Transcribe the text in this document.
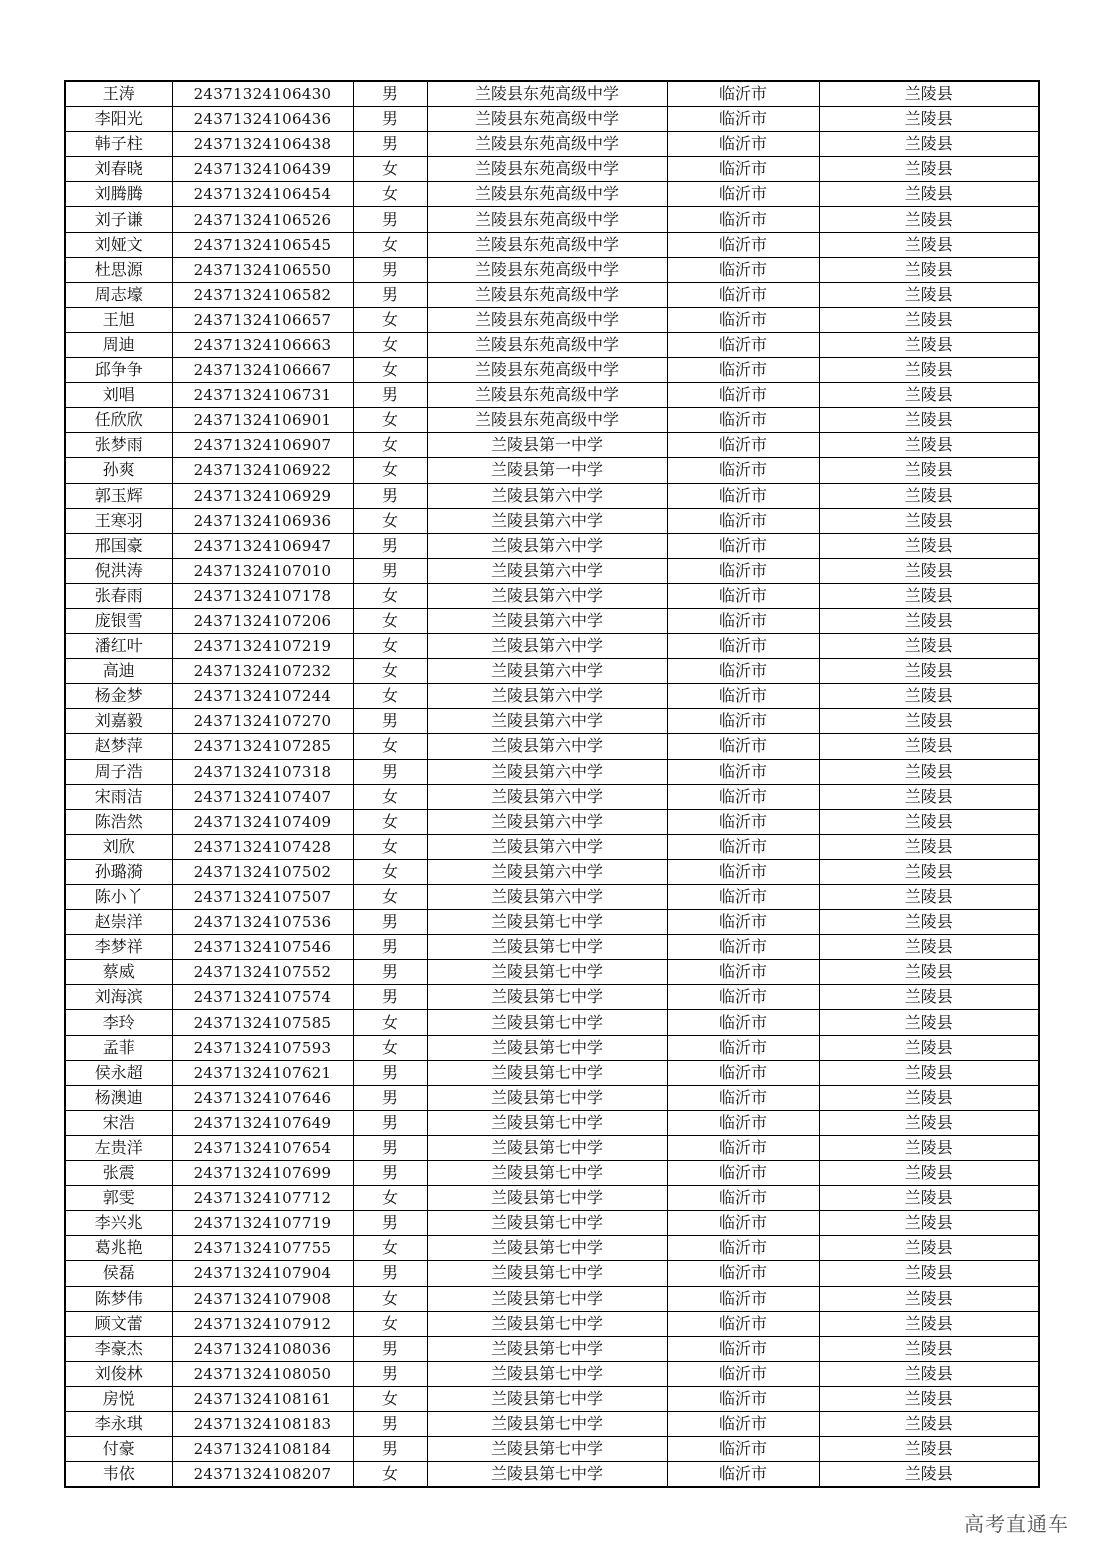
王涛	24371324106430	男	兰陵县东苑高级中学	临沂市	兰陵县
李阳光	24371324106436	男	兰陵县东苑高级中学	临沂市	兰陵县
韩子柱	24371324106438	男	兰陵县东苑高级中学	临沂市	兰陵县
刘春晓	24371324106439	女	兰陵县东苑高级中学	临沂市	兰陵县
刘腾腾	24371324106454	女	兰陵县东苑高级中学	临沂市	兰陵县
刘子谦	24371324106526	男	兰陵县东苑高级中学	临沂市	兰陵县
刘娅文	24371324106545	女	兰陵县东苑高级中学	临沂市	兰陵县
杜思源	24371324106550	男	兰陵县东苑高级中学	临沂市	兰陵县
周志壕	24371324106582	男	兰陵县东苑高级中学	临沂市	兰陵县
王旭	24371324106657	女	兰陵县东苑高级中学	临沂市	兰陵县
周迪	24371324106663	女	兰陵县东苑高级中学	临沂市	兰陵县
邱争争	24371324106667	女	兰陵县东苑高级中学	临沂市	兰陵县
刘唱	24371324106731	男	兰陵县东苑高级中学	临沂市	兰陵县
任欣欣	24371324106901	女	兰陵县东苑高级中学	临沂市	兰陵县
张梦雨	24371324106907	女	兰陵县第一中学	临沂市	兰陵县
孙爽	24371324106922	女	兰陵县第一中学	临沂市	兰陵县
郭玉辉	24371324106929	男	兰陵县第六中学	临沂市	兰陵县
王寒羽	24371324106936	女	兰陵县第六中学	临沂市	兰陵县
邢国豪	24371324106947	男	兰陵县第六中学	临沂市	兰陵县
倪洪涛	24371324107010	男	兰陵县第六中学	临沂市	兰陵县
张春雨	24371324107178	女	兰陵县第六中学	临沂市	兰陵县
庞银雪	24371324107206	女	兰陵县第六中学	临沂市	兰陵县
潘红叶	24371324107219	女	兰陵县第六中学	临沂市	兰陵县
高迪	24371324107232	女	兰陵县第六中学	临沂市	兰陵县
杨金梦	24371324107244	女	兰陵县第六中学	临沂市	兰陵县
刘嘉毅	24371324107270	男	兰陵县第六中学	临沂市	兰陵县
赵梦萍	24371324107285	女	兰陵县第六中学	临沂市	兰陵县
周子浩	24371324107318	男	兰陵县第六中学	临沂市	兰陵县
宋雨洁	24371324107407	女	兰陵县第六中学	临沂市	兰陵县
陈浩然	24371324107409	女	兰陵县第六中学	临沂市	兰陵县
刘欣	24371324107428	女	兰陵县第六中学	临沂市	兰陵县
孙璐漪	24371324107502	女	兰陵县第六中学	临沂市	兰陵县
陈小丫	24371324107507	女	兰陵县第六中学	临沂市	兰陵县
赵崇洋	24371324107536	男	兰陵县第七中学	临沂市	兰陵县
李梦祥	24371324107546	男	兰陵县第七中学	临沂市	兰陵县
蔡威	24371324107552	男	兰陵县第七中学	临沂市	兰陵县
刘海滨	24371324107574	男	兰陵县第七中学	临沂市	兰陵县
李玲	24371324107585	女	兰陵县第七中学	临沂市	兰陵县
孟菲	24371324107593	女	兰陵县第七中学	临沂市	兰陵县
侯永超	24371324107621	男	兰陵县第七中学	临沂市	兰陵县
杨澳迪	24371324107646	男	兰陵县第七中学	临沂市	兰陵县
宋浩	24371324107649	男	兰陵县第七中学	临沂市	兰陵县
左贵洋	24371324107654	男	兰陵县第七中学	临沂市	兰陵县
张震	24371324107699	男	兰陵县第七中学	临沂市	兰陵县
郭雯	24371324107712	女	兰陵县第七中学	临沂市	兰陵县
李兴兆	24371324107719	男	兰陵县第七中学	临沂市	兰陵县
葛兆艳	24371324107755	女	兰陵县第七中学	临沂市	兰陵县
侯磊	24371324107904	男	兰陵县第七中学	临沂市	兰陵县
陈梦伟	24371324107908	女	兰陵县第七中学	临沂市	兰陵县
顾文蕾	24371324107912	女	兰陵县第七中学	临沂市	兰陵县
李豪杰	24371324108036	男	兰陵县第七中学	临沂市	兰陵县
刘俊林	24371324108050	男	兰陵县第七中学	临沂市	兰陵县
房悦	24371324108161	女	兰陵县第七中学	临沂市	兰陵县
李永琪	24371324108183	男	兰陵县第七中学	临沂市	兰陵县
付豪	24371324108184	男	兰陵县第七中学	临沂市	兰陵县
韦依	24371324108207	女	兰陵县第七中学	临沂市	兰陵县
高考直通车
